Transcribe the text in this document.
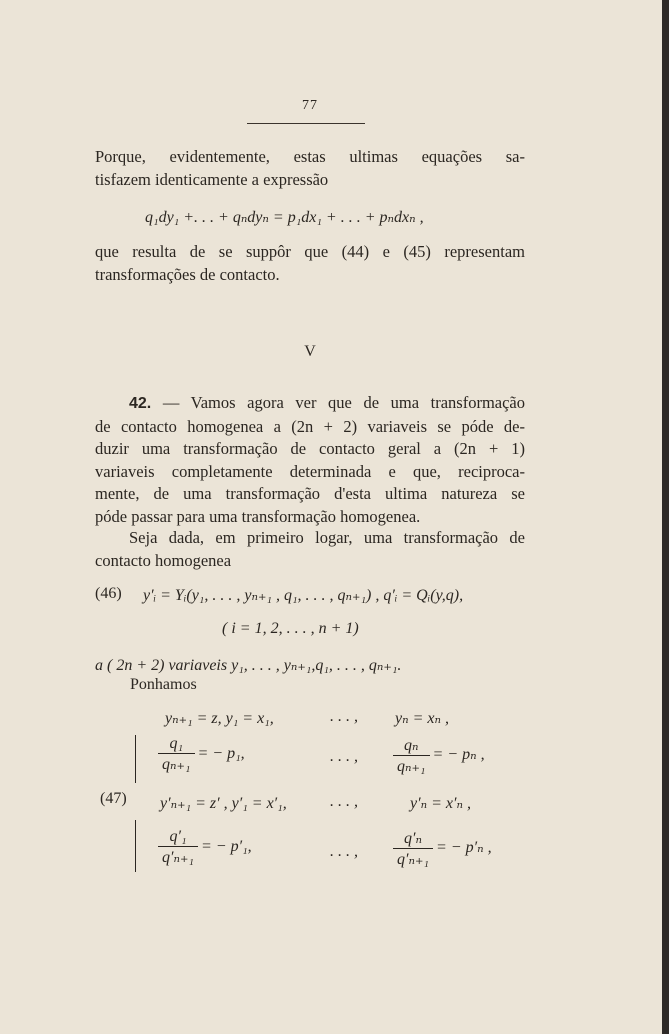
77

Porque, evidentemente, estas ultimas equações sa-
tisfazem identicamente a expressão

q₁dy₁ +. . . + qₙdyₙ = p₁dx₁ + . . . + pₙdxₙ ,

que resulta de se suppôr que (44) e (45) representam
transformações de contacto.

V

42. — Vamos agora ver que de uma transformação
de contacto homogenea a (2n + 2) variaveis se póde de-
duzir uma transformação de contacto geral a (2n + 1)
variaveis completamente determinada e que, reciproca-
mente, de uma transformação d'esta ultima natureza se
póde passar para uma transformação homogenea.

Seja dada, em primeiro logar, uma transformação de
contacto homogenea

(46) y′ᵢ = Yᵢ(y₁, . . . , yₙ₊₁ , q₁, . . . , qₙ₊₁) , q′ᵢ = Qᵢ(y,q),
( i = 1, 2, . . . , n + 1)
a ( 2n + 2) variaveis y₁, . . . , yₙ₊₁,q₁, . . . , qₙ₊₁.
Ponhamos
(47)
yₙ₊₁ = z, y₁ = x₁,	. . . , yₙ = xₙ ,
$\frac{\text{q₁}}{\text{qₙ₊₁}}$ = − p₁,	. . . , $\frac{\text{qₙ}}{\text{qₙ₊₁}}$ = − pₙ ,
y′ₙ₊₁ = z′ , y′₁ = x′₁,	. . . ,	y′ₙ = x′ₙ ,
$\frac{\text{q′₁}}{\text{q′ₙ₊₁}}$ = − p′₁,	. . . , $\frac{\text{q′ₙ}}{\text{q′ₙ₊₁}}$ = − p′ₙ ,
